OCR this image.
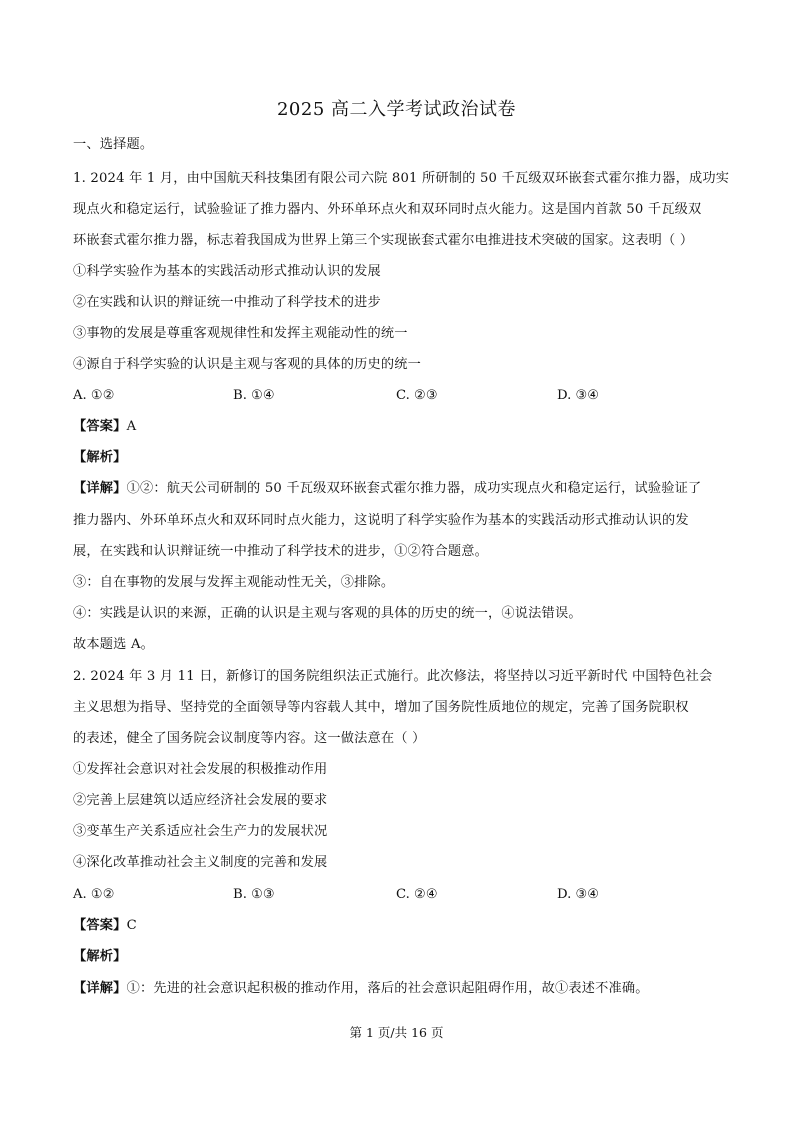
2025 高二入学考试政治试卷
一、选择题。
1. 2024 年 1 月，由中国航天科技集团有限公司六院 801 所研制的 50 千瓦级双环嵌套式霍尔推力器，成功实
现点火和稳定运行，试验验证了推力器内、外环单环点火和双环同时点火能力。这是国内首款 50 千瓦级双
环嵌套式霍尔推力器，标志着我国成为世界上第三个实现嵌套式霍尔电推进技术突破的国家。这表明（ ）
①科学实验作为基本的实践活动形式推动认识的发展
②在实践和认识的辩证统一中推动了科学技术的进步
③事物的发展是尊重客观规律性和发挥主观能动性的统一
④源自于科学实验的认识是主观与客观的具体的历史的统一
A. ①②	B. ①④	C. ②③	D. ③④
【答案】A
【解析】
【详解】①②：航天公司研制的 50 千瓦级双环嵌套式霍尔推力器，成功实现点火和稳定运行，试验验证了
推力器内、外环单环点火和双环同时点火能力，这说明了科学实验作为基本的实践活动形式推动认识的发
展，在实践和认识辩证统一中推动了科学技术的进步，①②符合题意。
③：自在事物的发展与发挥主观能动性无关，③排除。
④：实践是认识的来源，正确的认识是主观与客观的具体的历史的统一，④说法错误。
故本题选 A。
2. 2024 年 3 月 11 日，新修订的国务院组织法正式施行。此次修法，将坚持以习近平新时代 中国特色社会
主义思想为指导、坚持党的全面领导等内容载人其中，增加了国务院性质地位的规定，完善了国务院职权
的表述，健全了国务院会议制度等内容。这一做法意在（ ）
①发挥社会意识对社会发展的积极推动作用
②完善上层建筑以适应经济社会发展的要求
③变革生产关系适应社会生产力的发展状况
④深化改革推动社会主义制度的完善和发展
A. ①②	B. ①③	C. ②④	D. ③④
【答案】C
【解析】
【详解】①：先进的社会意识起积极的推动作用，落后的社会意识起阻碍作用，故①表述不准确。
第 1 页/共 16 页
